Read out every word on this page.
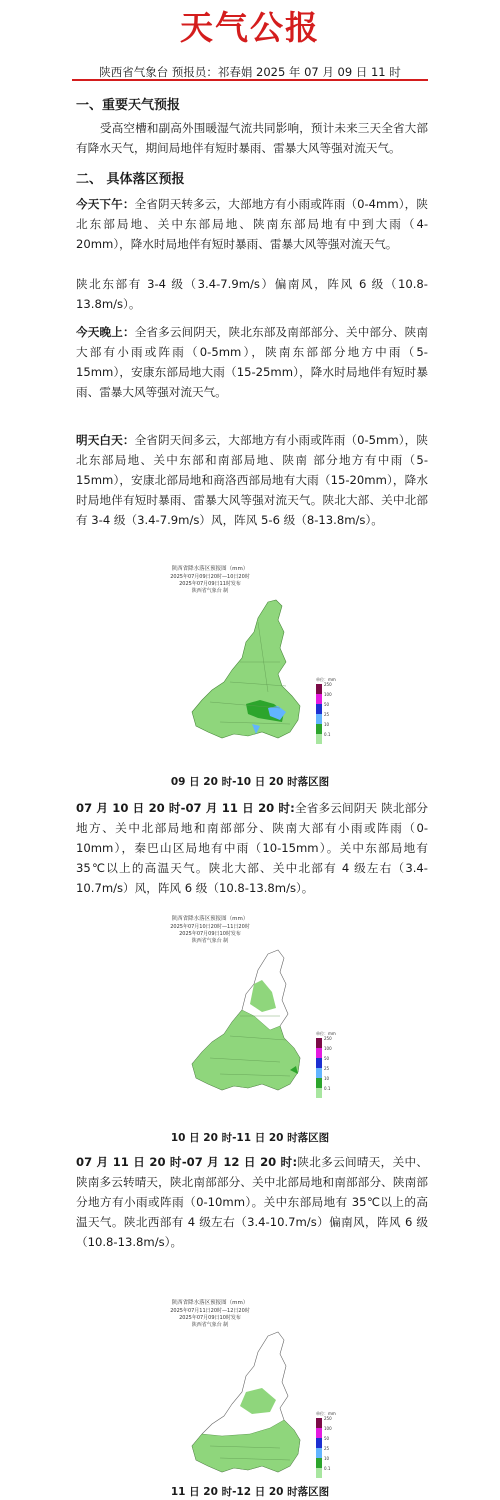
天气公报
陕西省气象台 预报员：祁春娟 2025 年 07 月 09 日 11 时
一、重要天气预报
受高空槽和副高外围暖湿气流共同影响，预计未来三天全省大部有降水天气，期间局地伴有短时暴雨、雷暴大风等强对流天气。
二、 具体落区预报
今天下午：全省阴天转多云，大部地方有小雨或阵雨（0-4mm），陕北东部局地、关中东部局地、陕南东部局地有中到大雨（4-20mm），降水时局地伴有短时暴雨、雷暴大风等强对流天气。
陕北东部有 3-4 级（3.4-7.9m/s）偏南风，阵风 6 级（10.8-13.8m/s）。
今天晚上：全省多云间阴天，陕北东部及南部部分、关中部分、陕南大部有小雨或阵雨（0-5mm），陕南东部部分地方中雨（5-15mm），安康东部局地大雨（15-25mm），降水时局地伴有短时暴雨、雷暴大风等强对流天气。
明天白天：全省阴天间多云，大部地方有小雨或阵雨（0-5mm），陕北东部局地、关中东部和南部局地、陕南 部分地方有中雨（5-15mm），安康北部局地和商洛西部局地有大雨（15-20mm），降水时局地伴有短时暴雨、雷暴大风等强对流天气。陕北大部、关中北部有 3-4 级（3.4-7.9m/s）风，阵风 5-6 级（8-13.8m/s）。
陕西省降水落区预报图（mm）
2025年07月09日20时—10日20时
2025年07月09日11时发布
陕西省气象台 制
单位：mm
250
100
50
25
10
0.1
09 日 20 时-10 日 20 时落区图
07 月 10 日 20 时-07 月 11 日 20 时:全省多云间阴天 陕北部分地方、关中北部局地和南部部分、陕南大部有小雨或阵雨（0-10mm），秦巴山区局地有中雨（10-15mm）。关中东部局地有 35℃以上的高温天气。陕北大部、关中北部有 4 级左右（3.4-10.7m/s）风，阵风 6 级（10.8-13.8m/s）。
陕西省降水落区预报图（mm）
2025年07月10日20时—11日20时
2025年07月09日10时发布
陕西省气象台 制
单位：mm
250
100
50
25
10
0.1
10 日 20 时-11 日 20 时落区图
07 月 11 日 20 时-07 月 12 日 20 时:陕北多云间晴天，关中、陕南多云转晴天，陕北南部部分、关中北部局地和南部部分、陕南部分地方有小雨或阵雨（0-10mm）。关中东部局地有 35℃以上的高温天气。陕北西部有 4 级左右（3.4-10.7m/s）偏南风，阵风 6 级（10.8-13.8m/s）。
陕西省降水落区预报图（mm）
2025年07月11日20时—12日20时
2025年07月09日10时发布
陕西省气象台 制
单位：mm
250
100
50
25
10
0.1
11 日 20 时-12 日 20 时落区图
